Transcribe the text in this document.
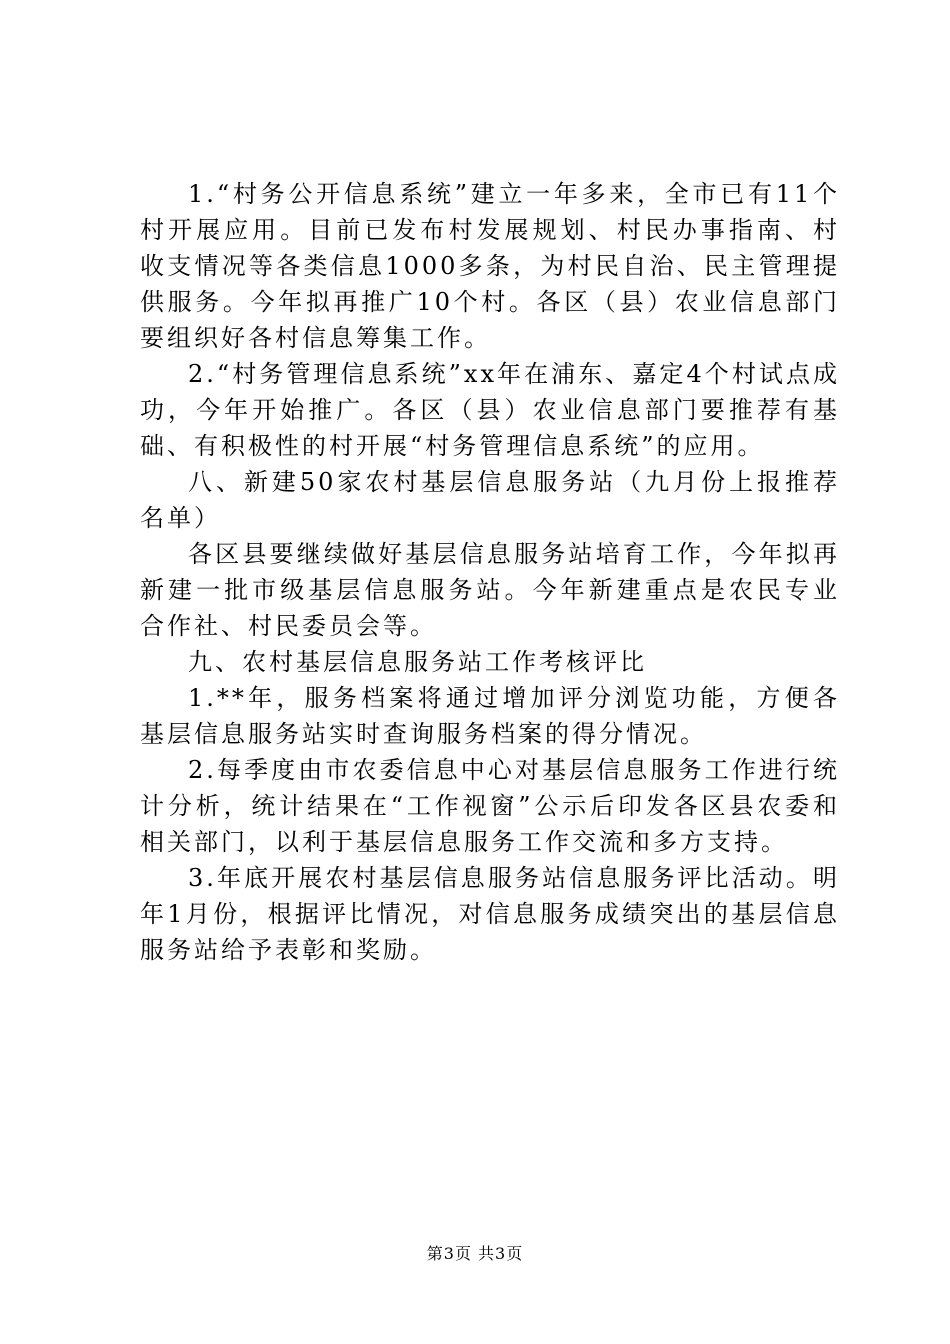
1.“村务公开信息系统”建立一年多来，全市已有11个村开展应用。目前已发布村发展规划、村民办事指南、村收支情况等各类信息1000多条，为村民自治、民主管理提供服务。今年拟再推广10个村。各区（县）农业信息部门要组织好各村信息筹集工作。

2.“村务管理信息系统”xx年在浦东、嘉定4个村试点成功，今年开始推广。各区（县）农业信息部门要推荐有基础、有积极性的村开展“村务管理信息系统”的应用。

八、新建50家农村基层信息服务站（九月份上报推荐名单）

各区县要继续做好基层信息服务站培育工作，今年拟再新建一批市级基层信息服务站。今年新建重点是农民专业合作社、村民委员会等。

九、农村基层信息服务站工作考核评比

1.**年，服务档案将通过增加评分浏览功能，方便各基层信息服务站实时查询服务档案的得分情况。

2.每季度由市农委信息中心对基层信息服务工作进行统计分析，统计结果在“工作视窗”公示后印发各区县农委和相关部门，以利于基层信息服务工作交流和多方支持。

3.年底开展农村基层信息服务站信息服务评比活动。明年1月份，根据评比情况，对信息服务成绩突出的基层信息服务站给予表彰和奖励。

第3页 共3页
